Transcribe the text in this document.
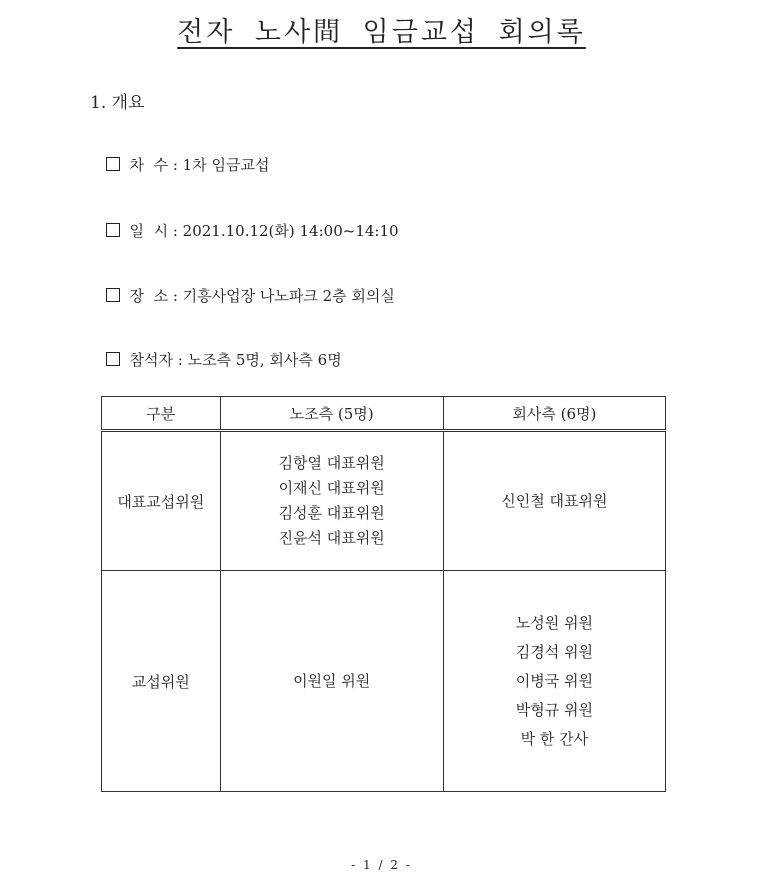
전자 노사間 임금교섭 회의록
1. 개요

차  수 : 1차 임금교섭

일  시 : 2021.10.12(화) 14:00~14:10

장  소 : 기흥사업장 나노파크 2층 회의실

참석자 : 노조측 5명, 회사측 6명

구분	노조측 (5명)	회사측 (6명)
대표교섭위원	김항열 대표위원
이재신 대표위원
김성훈 대표위원
진윤석 대표위원	신인철 대표위원

교섭위원	이원일 위원	노성원 위원
김경석 위원
이병국 위원
박형규 위원
박 한 간사
- 1 / 2 -
